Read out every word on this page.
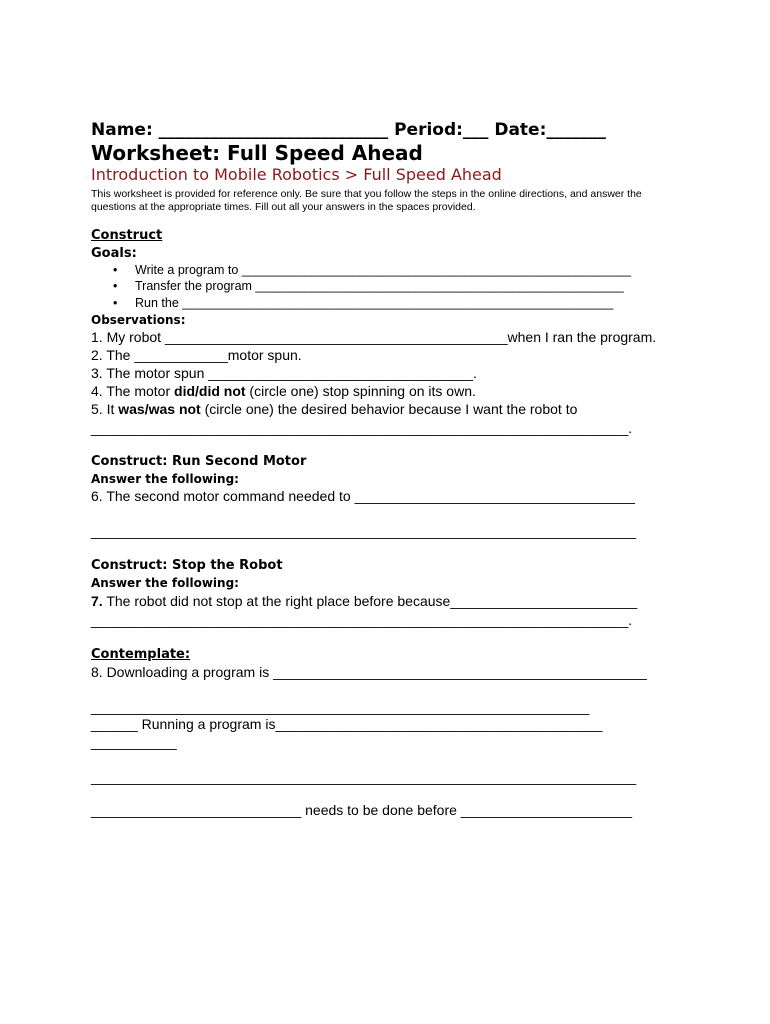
Name: ___________________________ Period:___ Date:_______
Worksheet: Full Speed Ahead
Introduction to Mobile Robotics > Full Speed Ahead
This worksheet is provided for reference only. Be sure that you follow the steps in the online directions, and answer the questions at the appropriate times. Fill out all your answers in the spaces provided.
Construct
Goals:
• Write a program to ________________________________________________________
• Transfer the program _____________________________________________________
• Run the ______________________________________________________________
Observations:
1. My robot ____________________________________________when I ran the program.
2. The ____________motor spun.
3. The motor spun __________________________________.
4. The motor did/did not (circle one) stop spinning on its own.
5. It was/was not (circle one) the desired behavior because I want the robot to
_____________________________________________________________________.
Construct: Run Second Motor
Answer the following:
6. The second motor command needed to ____________________________________
______________________________________________________________________
Construct: Stop the Robot
Answer the following:
7. The robot did not stop at the right place before because________________________
_____________________________________________________________________.
Contemplate:
8. Downloading a program is ________________________________________________
________________________________________________________________
______ Running a program is__________________________________________
___________
______________________________________________________________________
___________________________ needs to be done before ______________________
